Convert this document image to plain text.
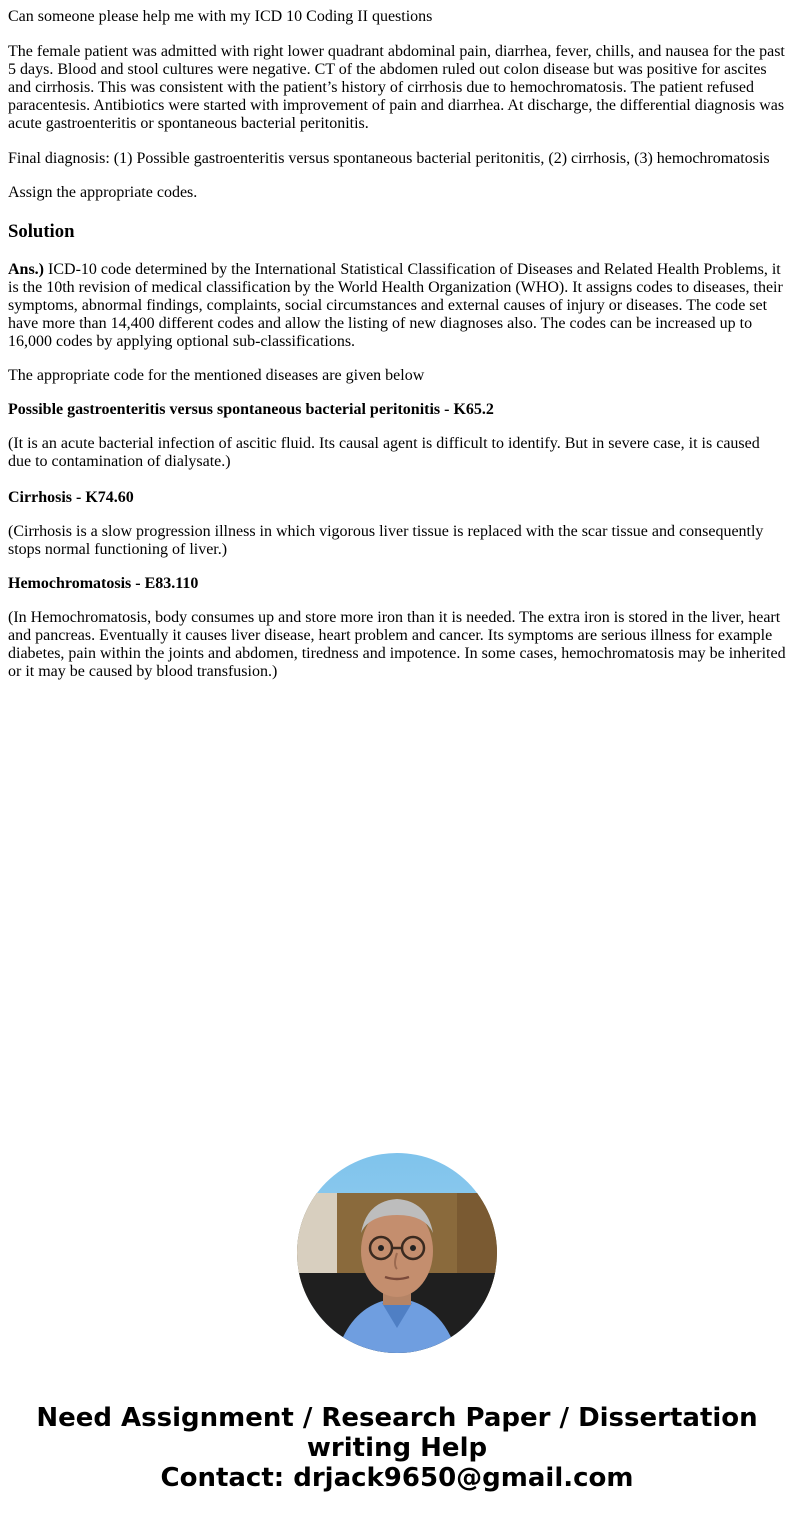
Can someone please help me with my ICD 10 Coding II questions

The female patient was admitted with right lower quadrant abdominal pain, diarrhea, fever, chills, and nausea for the past 5 days. Blood and stool cultures were negative. CT of the abdomen ruled out colon disease but was positive for ascites and cirrhosis. This was consistent with the patient’s history of cirrhosis due to hemochromatosis. The patient refused paracentesis. Antibiotics were started with improvement of pain and diarrhea. At discharge, the differential diagnosis was acute gastroenteritis or spontaneous bacterial peritonitis.

Final diagnosis: (1) Possible gastroenteritis versus spontaneous bacterial peritonitis, (2) cirrhosis, (3) hemochromatosis

Assign the appropriate codes.

Solution

Ans.) ICD-10 code determined by the International Statistical Classification of Diseases and Related Health Problems, it is the 10th revision of medical classification by the World Health Organization (WHO). It assigns codes to diseases, their symptoms, abnormal findings, complaints, social circumstances and external causes of injury or diseases. The code set have more than 14,400 different codes and allow the listing of new diagnoses also. The codes can be increased up to 16,000 codes by applying optional sub-classifications.

The appropriate code for the mentioned diseases are given below

Possible gastroenteritis versus spontaneous bacterial peritonitis - K65.2

(It is an acute bacterial infection of ascitic fluid. Its causal agent is difficult to identify. But in severe case, it is caused due to contamination of dialysate.)

Cirrhosis - K74.60

(Cirrhosis is a slow progression illness in which vigorous liver tissue is replaced with the scar tissue and consequently stops normal functioning of liver.)

Hemochromatosis - E83.110

(In Hemochromatosis, body consumes up and store more iron than it is needed. The extra iron is stored in the liver, heart and pancreas. Eventually it causes liver disease, heart problem and cancer. Its symptoms are serious illness for example diabetes, pain within the joints and abdomen, tiredness and impotence. In some cases, hemochromatosis may be inherited or it may be caused by blood transfusion.)

Need Assignment / Research Paper / Dissertation
writing Help
Contact: drjack9650@gmail.com
